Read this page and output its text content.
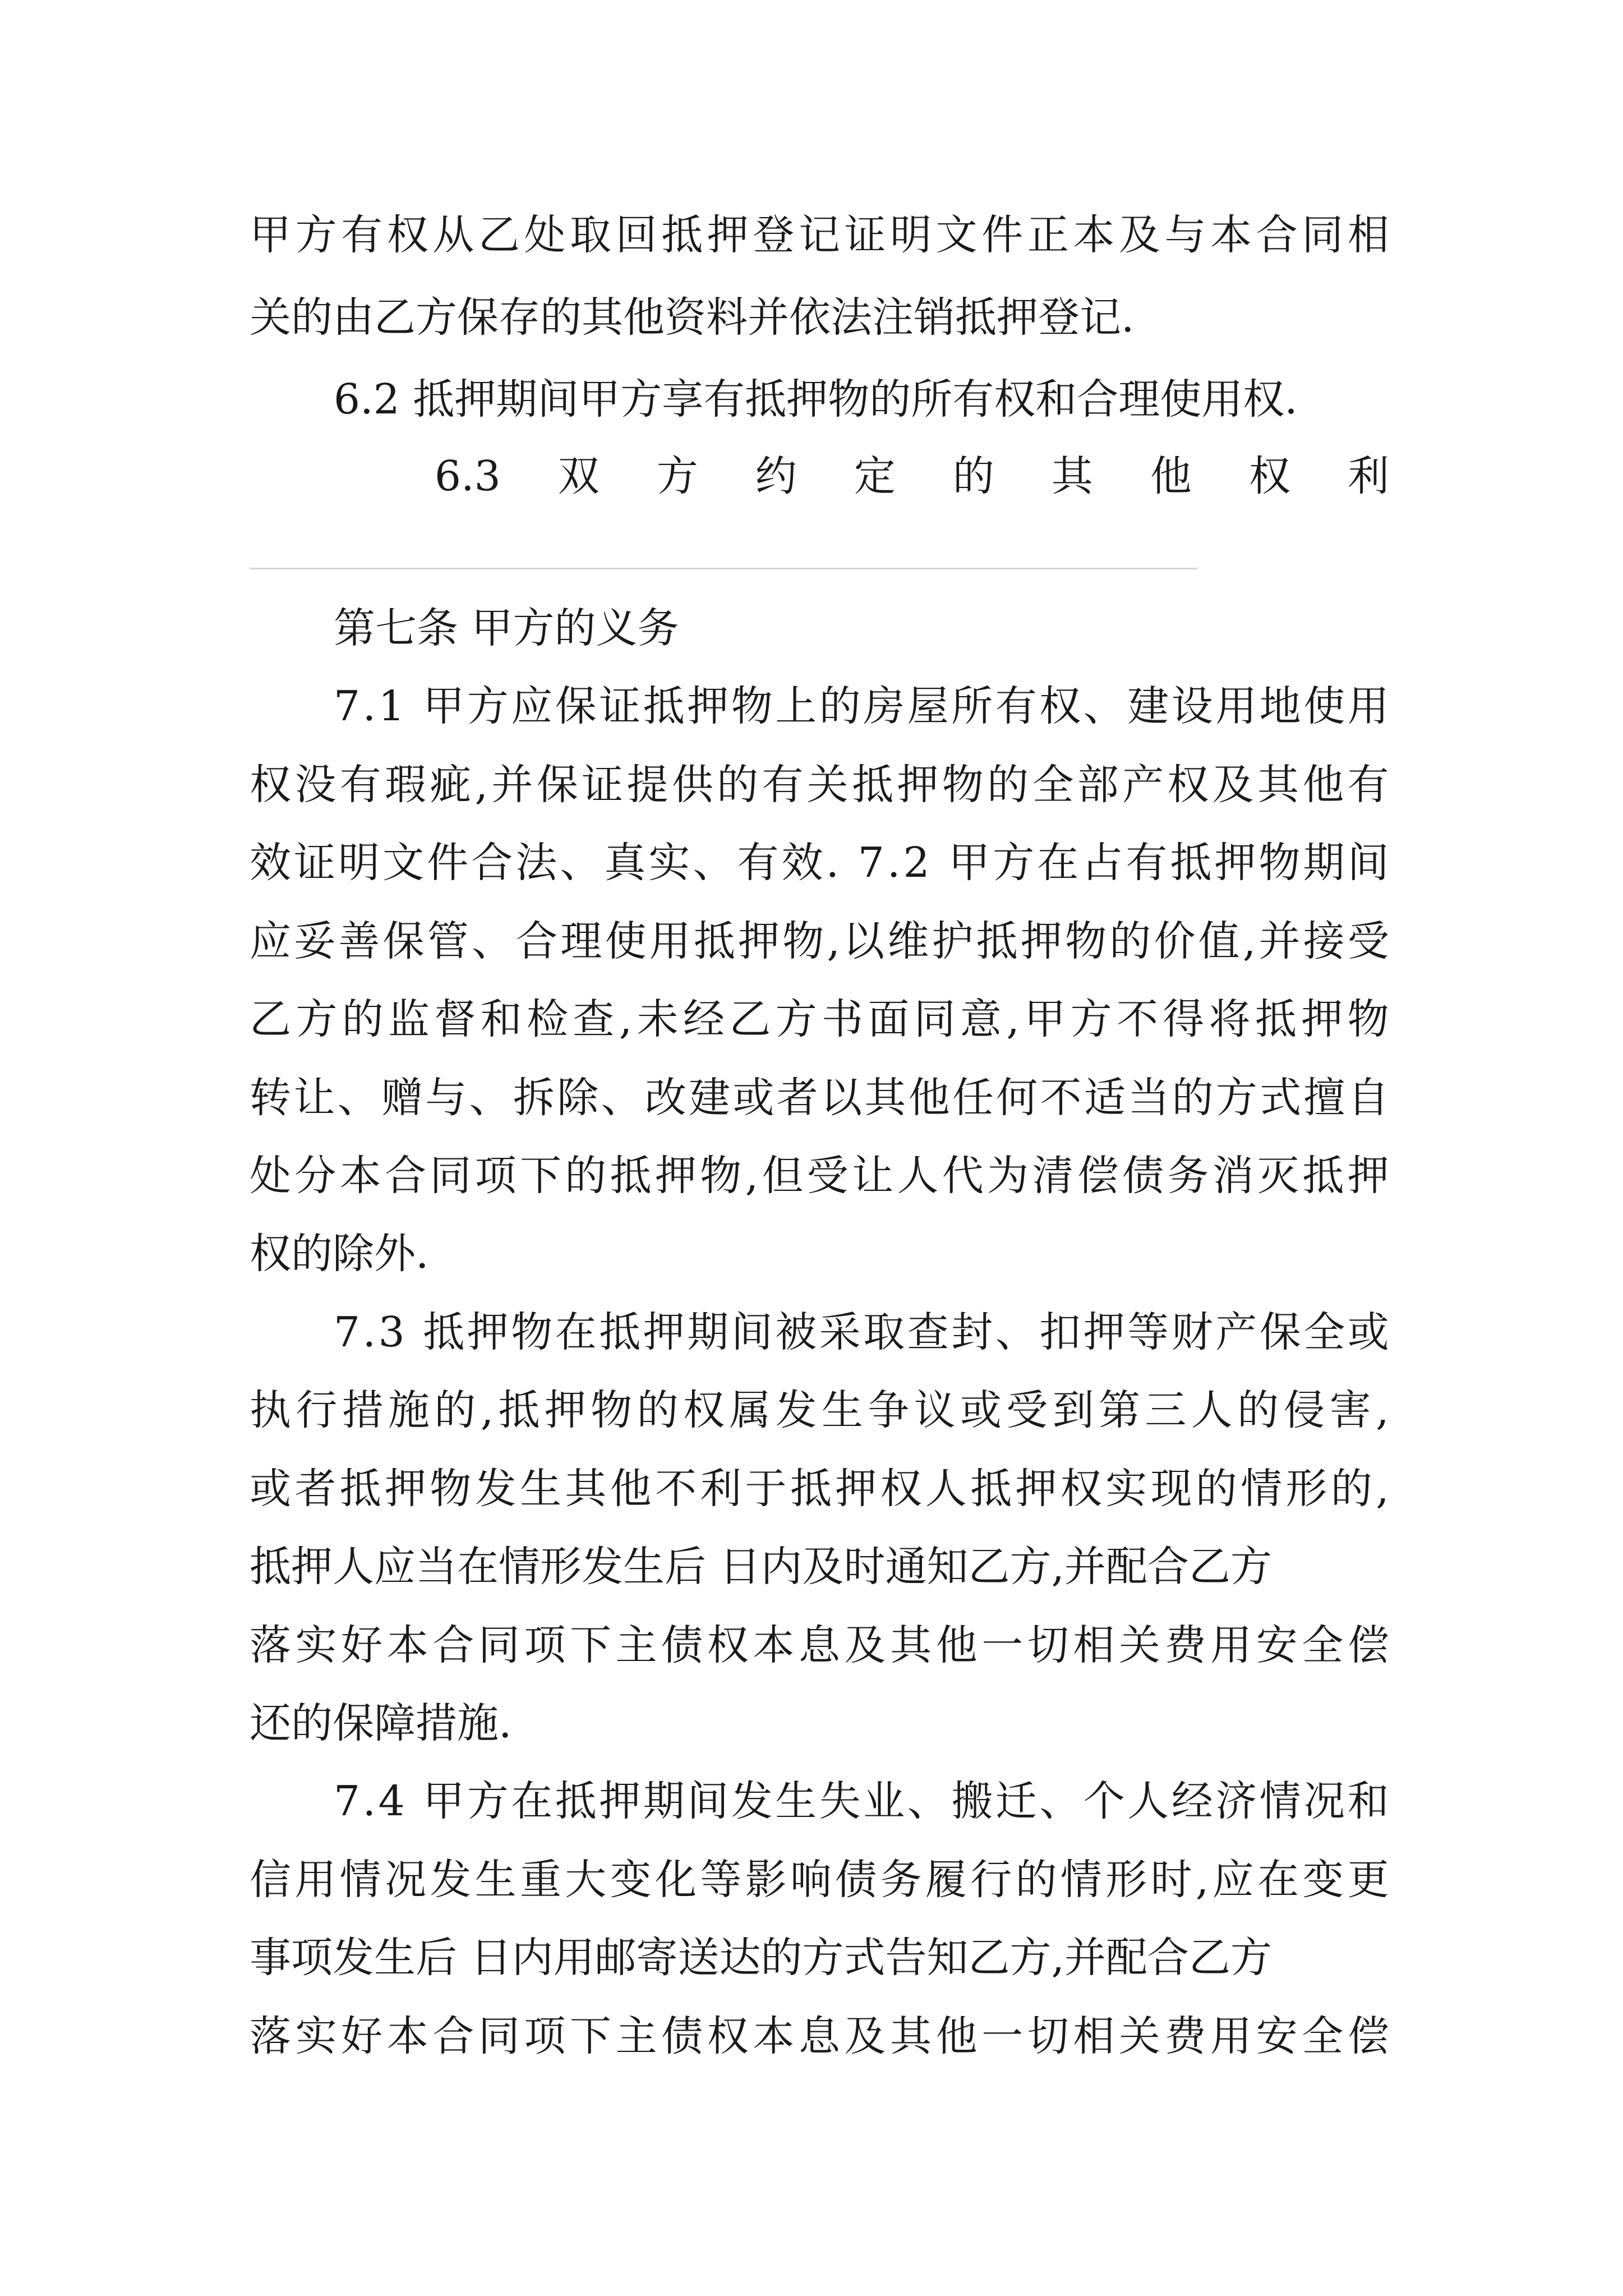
甲 方 有 权 从 乙 处 取 回 抵 押 登 记 证 明 文 件 正 本 及 与 本 合 同 相
关的由乙方保存的其他资料并依法注销抵押登记.
6.2 抵押期间甲方享有抵押物的所有权和合理使用权.
6.3 双 方 约 定 的 其 他 权 利
第七条 甲方的义务
7 . 1
甲 方 应 保 证 抵 押 物 上 的 房 屋 所 有 权 、 建 设 用 地 使 用
权 没 有 瑕 疵 , 并 保 证 提 供 的 有 关 抵 押 物 的 全 部 产 权 及 其 他 有
效 证 明 文 件 合 法 、 真 实 、 有 效 .
7 . 2
甲 方 在 占 有 抵 押 物 期 间
应 妥 善 保 管 、 合 理 使 用 抵 押 物 , 以 维 护 抵 押 物 的 价 值 , 并 接 受
乙 方 的 监 督 和 检 查 , 未 经 乙 方 书 面 同 意 , 甲 方 不 得 将 抵 押 物
转 让 、 赠 与 、 拆 除 、 改 建 或 者 以 其 他 任 何 不 适 当 的 方 式 擅 自
处 分 本 合 同 项 下 的 抵 押 物 , 但 受 让 人 代 为 清 偿 债 务 消 灭 抵 押
权的除外.
7 . 3
抵 押 物 在 抵 押 期 间 被 采 取 查 封 、 扣 押 等 财 产 保 全 或
执 行 措 施 的 , 抵 押 物 的 权 属 发 生 争 议 或 受 到 第 三 人 的 侵 害 ,
或 者 抵 押 物 发 生 其 他 不 利 于 抵 押 权 人 抵 押 权 实 现 的 情 形 的 ,
抵押人应当在情形发生后 日内及时通知乙方,并配合乙方
落 实 好 本 合 同 项 下 主 债 权 本 息 及 其 他 一 切 相 关 费 用 安 全 偿
还的保障措施.
7 . 4
甲 方 在 抵 押 期 间 发 生 失 业 、 搬 迁 、 个 人 经 济 情 况 和
信 用 情 况 发 生 重 大 变 化 等 影 响 债 务 履 行 的 情 形 时 , 应 在 变 更
事项发生后 日内用邮寄送达的方式告知乙方,并配合乙方
落 实 好 本 合 同 项 下 主 债 权 本 息 及 其 他 一 切 相 关 费 用 安 全 偿
